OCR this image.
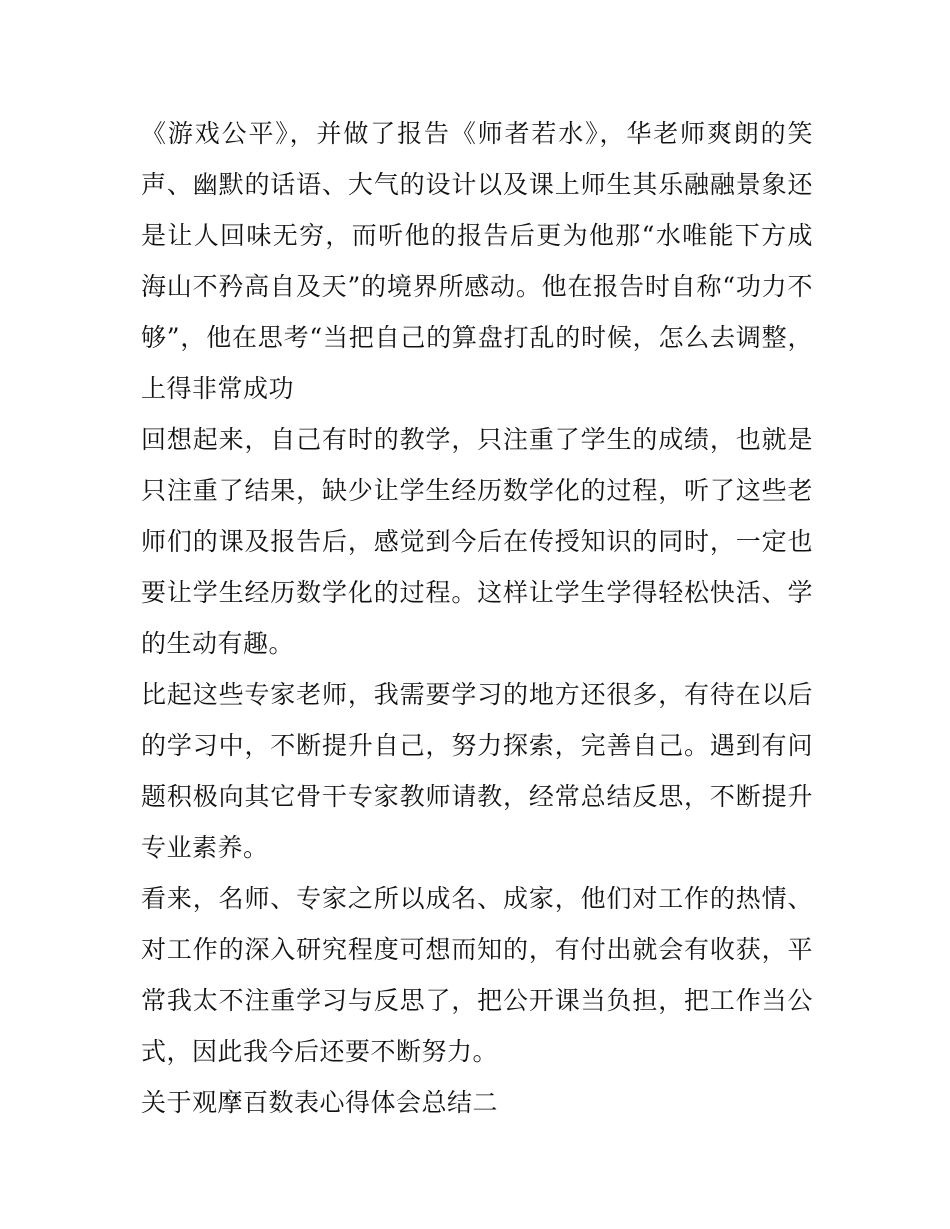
《游戏公平》，并做了报告《师者若水》，华老师爽朗的笑声、幽默的话语、大气的设计以及课上师生其乐融融景象还是让人回味无穷，而听他的报告后更为他那“水唯能下方成海山不矜高自及天”的境界所感动。他在报告时自称“功力不够”，他在思考“当把自己的算盘打乱的时候，怎么去调整，上得非常成功

回想起来，自己有时的教学，只注重了学生的成绩，也就是只注重了结果，缺少让学生经历数学化的过程，听了这些老师们的课及报告后，感觉到今后在传授知识的同时，一定也要让学生经历数学化的过程。这样让学生学得轻松快活、学的生动有趣。

比起这些专家老师，我需要学习的地方还很多，有待在以后的学习中，不断提升自己，努力探索，完善自己。遇到有问题积极向其它骨干专家教师请教，经常总结反思，不断提升专业素养。

看来，名师、专家之所以成名、成家，他们对工作的热情、对工作的深入研究程度可想而知的，有付出就会有收获，平常我太不注重学习与反思了，把公开课当负担，把工作当公式，因此我今后还要不断努力。

关于观摩百数表心得体会总结二
